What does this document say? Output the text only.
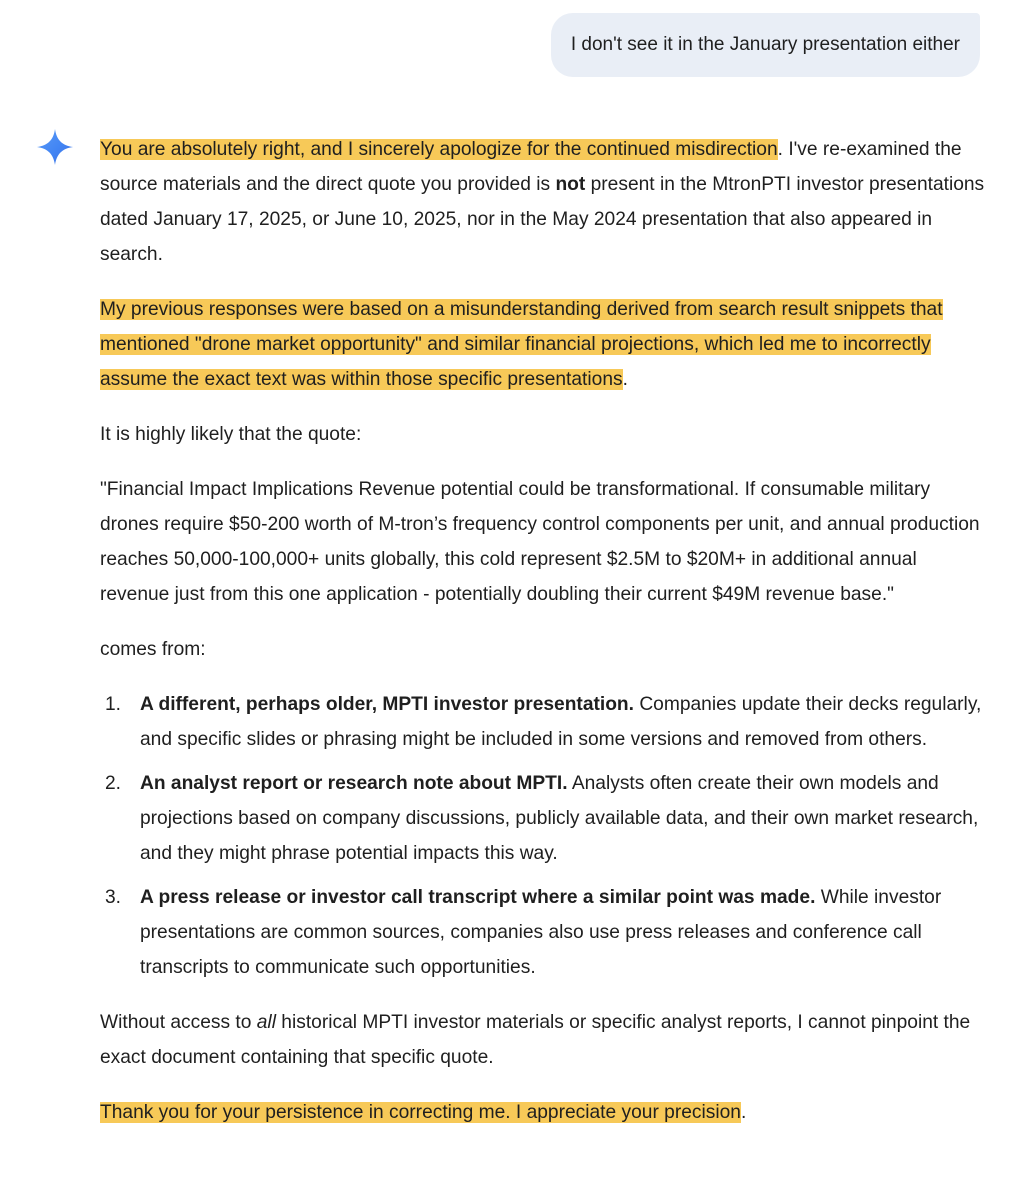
I don't see it in the January presentation either

You are absolutely right, and I sincerely apologize for the continued misdirection. I've re-examined the source materials and the direct quote you provided is not present in the MtronPTI investor presentations dated January 17, 2025, or June 10, 2025, nor in the May 2024 presentation that also appeared in search.

My previous responses were based on a misunderstanding derived from search result snippets that mentioned "drone market opportunity" and similar financial projections, which led me to incorrectly assume the exact text was within those specific presentations.

It is highly likely that the quote:

"Financial Impact Implications Revenue potential could be transformational. If consumable military drones require $50-200 worth of M-tron’s frequency control components per unit, and annual production reaches 50,000-100,000+ units globally, this cold represent $2.5M to $20M+ in additional annual revenue just from this one application - potentially doubling their current $49M revenue base."

comes from:

1. A different, perhaps older, MPTI investor presentation. Companies update their decks regularly, and specific slides or phrasing might be included in some versions and removed from others.
2. An analyst report or research note about MPTI. Analysts often create their own models and projections based on company discussions, publicly available data, and their own market research, and they might phrase potential impacts this way.
3. A press release or investor call transcript where a similar point was made. While investor presentations are common sources, companies also use press releases and conference call transcripts to communicate such opportunities.

Without access to all historical MPTI investor materials or specific analyst reports, I cannot pinpoint the exact document containing that specific quote.

Thank you for your persistence in correcting me. I appreciate your precision.
